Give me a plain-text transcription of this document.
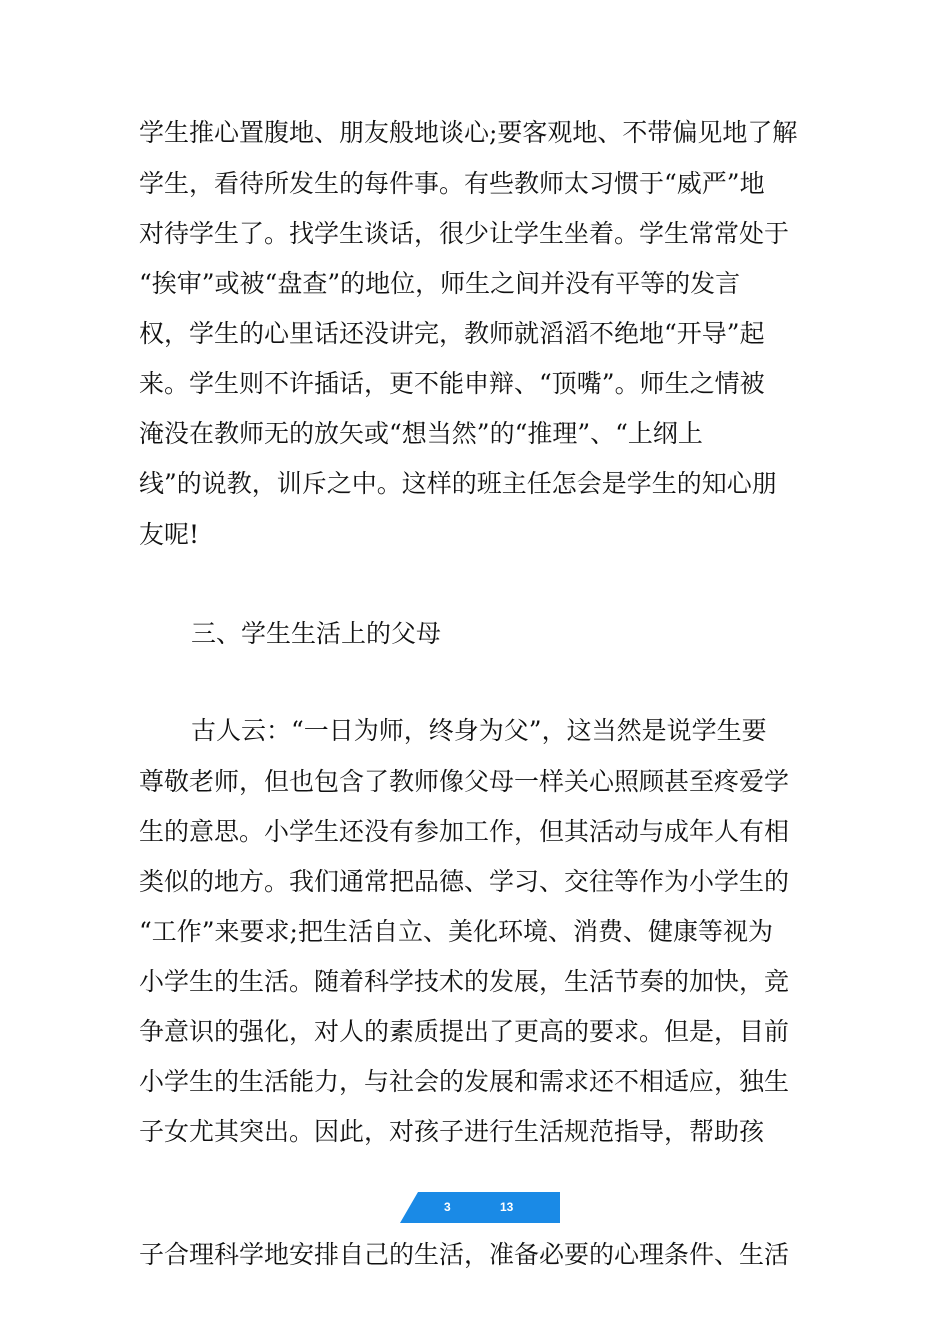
学生推心置腹地、朋友般地谈心;要客观地、不带偏见地了解
学生，看待所发生的每件事。有些教师太习惯于“威严”地
对待学生了。找学生谈话，很少让学生坐着。学生常常处于
“挨审”或被“盘查”的地位，师生之间并没有平等的发言
权，学生的心里话还没讲完，教师就滔滔不绝地“开导”起
来。学生则不许插话，更不能申辩、“顶嘴”。师生之情被
淹没在教师无的放矢或“想当然”的“推理”、“上纲上
线”的说教，训斥之中。这样的班主任怎会是学生的知心朋
友呢!
三、学生生活上的父母
古人云：“一日为师，终身为父”，这当然是说学生要
尊敬老师，但也包含了教师像父母一样关心照顾甚至疼爱学
生的意思。小学生还没有参加工作，但其活动与成年人有相
类似的地方。我们通常把品德、学习、交往等作为小学生的
“工作”来要求;把生活自立、美化环境、消费、健康等视为
小学生的生活。随着科学技术的发展，生活节奏的加快，竞
争意识的强化，对人的素质提出了更高的要求。但是，目前
小学生的生活能力，与社会的发展和需求还不相适应，独生
子女尤其突出。因此，对孩子进行生活规范指导，帮助孩
3	13
子合理科学地安排自己的生活，准备必要的心理条件、生活
